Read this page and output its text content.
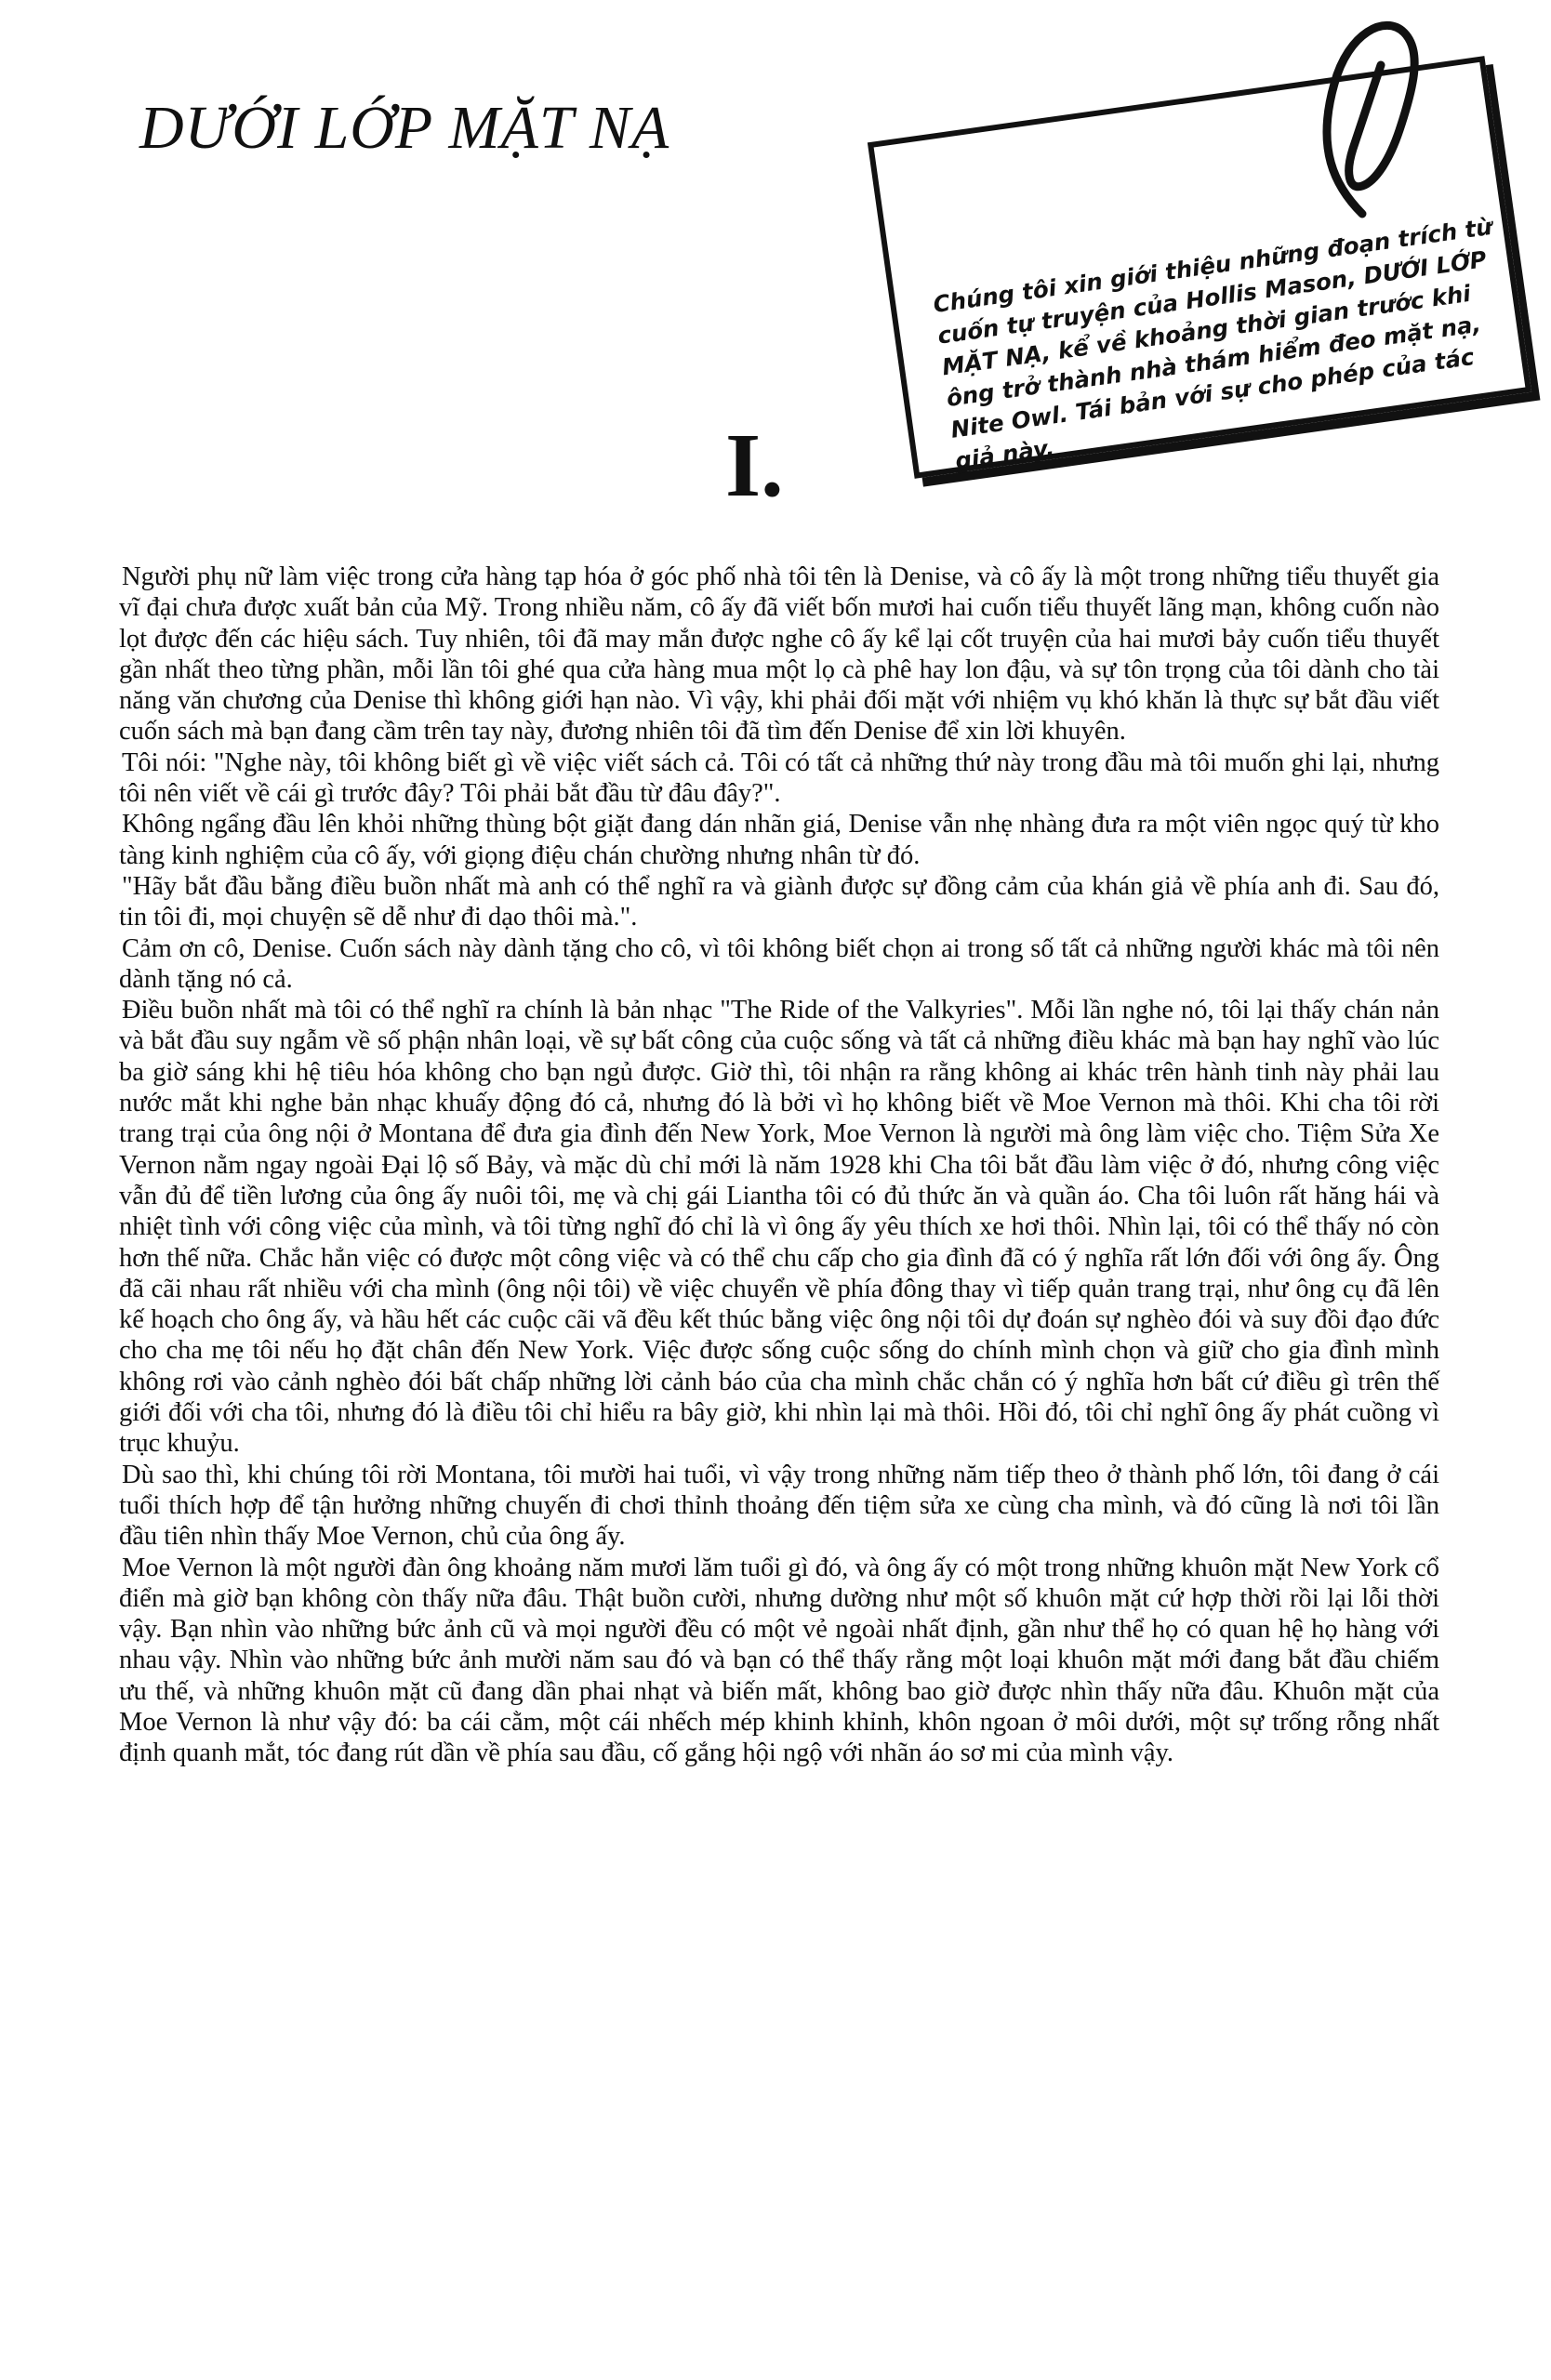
DƯỚI LỚP MẶT NẠ

Chúng tôi xin giới thiệu những đoạn trích từ cuốn tự truyện của Hollis Mason, DƯỚI LỚP MẶT NẠ, kể về khoảng thời gian trước khi ông trở thành nhà thám hiểm đeo mặt nạ, Nite Owl. Tái bản với sự cho phép của tác giả này.

I.

Người phụ nữ làm việc trong cửa hàng tạp hóa ở góc phố nhà tôi tên là Denise, và cô ấy là một trong những tiểu thuyết gia vĩ đại chưa được xuất bản của Mỹ. Trong nhiều năm, cô ấy đã viết bốn mươi hai cuốn tiểu thuyết lãng mạn, không cuốn nào lọt được đến các hiệu sách. Tuy nhiên, tôi đã may mắn được nghe cô ấy kể lại cốt truyện của hai mươi bảy cuốn tiểu thuyết gần nhất theo từng phần, mỗi lần tôi ghé qua cửa hàng mua một lọ cà phê hay lon đậu, và sự tôn trọng của tôi dành cho tài năng văn chương của Denise thì không giới hạn nào. Vì vậy, khi phải đối mặt với nhiệm vụ khó khăn là thực sự bắt đầu viết cuốn sách mà bạn đang cầm trên tay này, đương nhiên tôi đã tìm đến Denise để xin lời khuyên.

Tôi nói: "Nghe này, tôi không biết gì về việc viết sách cả. Tôi có tất cả những thứ này trong đầu mà tôi muốn ghi lại, nhưng tôi nên viết về cái gì trước đây? Tôi phải bắt đầu từ đâu đây?".

Không ngẩng đầu lên khỏi những thùng bột giặt đang dán nhãn giá, Denise vẫn nhẹ nhàng đưa ra một viên ngọc quý từ kho tàng kinh nghiệm của cô ấy, với giọng điệu chán chường nhưng nhân từ đó.

"Hãy bắt đầu bằng điều buồn nhất mà anh có thể nghĩ ra và giành được sự đồng cảm của khán giả về phía anh đi. Sau đó, tin tôi đi, mọi chuyện sẽ dễ như đi dạo thôi mà.".

Cảm ơn cô, Denise. Cuốn sách này dành tặng cho cô, vì tôi không biết chọn ai trong số tất cả những người khác mà tôi nên dành tặng nó cả.

Điều buồn nhất mà tôi có thể nghĩ ra chính là bản nhạc "The Ride of the Valkyries". Mỗi lần nghe nó, tôi lại thấy chán nản và bắt đầu suy ngẫm về số phận nhân loại, về sự bất công của cuộc sống và tất cả những điều khác mà bạn hay nghĩ vào lúc ba giờ sáng khi hệ tiêu hóa không cho bạn ngủ được. Giờ thì, tôi nhận ra rằng không ai khác trên hành tinh này phải lau nước mắt khi nghe bản nhạc khuấy động đó cả, nhưng đó là bởi vì họ không biết về Moe Vernon mà thôi. Khi cha tôi rời trang trại của ông nội ở Montana để đưa gia đình đến New York, Moe Vernon là người mà ông làm việc cho. Tiệm Sửa Xe Vernon nằm ngay ngoài Đại lộ số Bảy, và mặc dù chỉ mới là năm 1928 khi Cha tôi bắt đầu làm việc ở đó, nhưng công việc vẫn đủ để tiền lương của ông ấy nuôi tôi, mẹ và chị gái Liantha tôi có đủ thức ăn và quần áo. Cha tôi luôn rất hăng hái và nhiệt tình với công việc của mình, và tôi từng nghĩ đó chỉ là vì ông ấy yêu thích xe hơi thôi. Nhìn lại, tôi có thể thấy nó còn hơn thế nữa. Chắc hẳn việc có được một công việc và có thể chu cấp cho gia đình đã có ý nghĩa rất lớn đối với ông ấy. Ông đã cãi nhau rất nhiều với cha mình (ông nội tôi) về việc chuyển về phía đông thay vì tiếp quản trang trại, như ông cụ đã lên kế hoạch cho ông ấy, và hầu hết các cuộc cãi vã đều kết thúc bằng việc ông nội tôi dự đoán sự nghèo đói và suy đồi đạo đức cho cha mẹ tôi nếu họ đặt chân đến New York. Việc được sống cuộc sống do chính mình chọn và giữ cho gia đình mình không rơi vào cảnh nghèo đói bất chấp những lời cảnh báo của cha mình chắc chắn có ý nghĩa hơn bất cứ điều gì trên thế giới đối với cha tôi, nhưng đó là điều tôi chỉ hiểu ra bây giờ, khi nhìn lại mà thôi. Hồi đó, tôi chỉ nghĩ ông ấy phát cuồng vì trục khuỷu.

Dù sao thì, khi chúng tôi rời Montana, tôi mười hai tuổi, vì vậy trong những năm tiếp theo ở thành phố lớn, tôi đang ở cái tuổi thích hợp để tận hưởng những chuyến đi chơi thỉnh thoảng đến tiệm sửa xe cùng cha mình, và đó cũng là nơi tôi lần đầu tiên nhìn thấy Moe Vernon, chủ của ông ấy.

Moe Vernon là một người đàn ông khoảng năm mươi lăm tuổi gì đó, và ông ấy có một trong những khuôn mặt New York cổ điển mà giờ bạn không còn thấy nữa đâu. Thật buồn cười, nhưng dường như một số khuôn mặt cứ hợp thời rồi lại lỗi thời vậy. Bạn nhìn vào những bức ảnh cũ và mọi người đều có một vẻ ngoài nhất định, gần như thể họ có quan hệ họ hàng với nhau vậy. Nhìn vào những bức ảnh mười năm sau đó và bạn có thể thấy rằng một loại khuôn mặt mới đang bắt đầu chiếm ưu thế, và những khuôn mặt cũ đang dần phai nhạt và biến mất, không bao giờ được nhìn thấy nữa đâu. Khuôn mặt của Moe Vernon là như vậy đó: ba cái cằm, một cái nhếch mép khinh khỉnh, khôn ngoan ở môi dưới, một sự trống rỗng nhất định quanh mắt, tóc đang rút dần về phía sau đầu, cố gắng hội ngộ với nhãn áo sơ mi của mình vậy.
